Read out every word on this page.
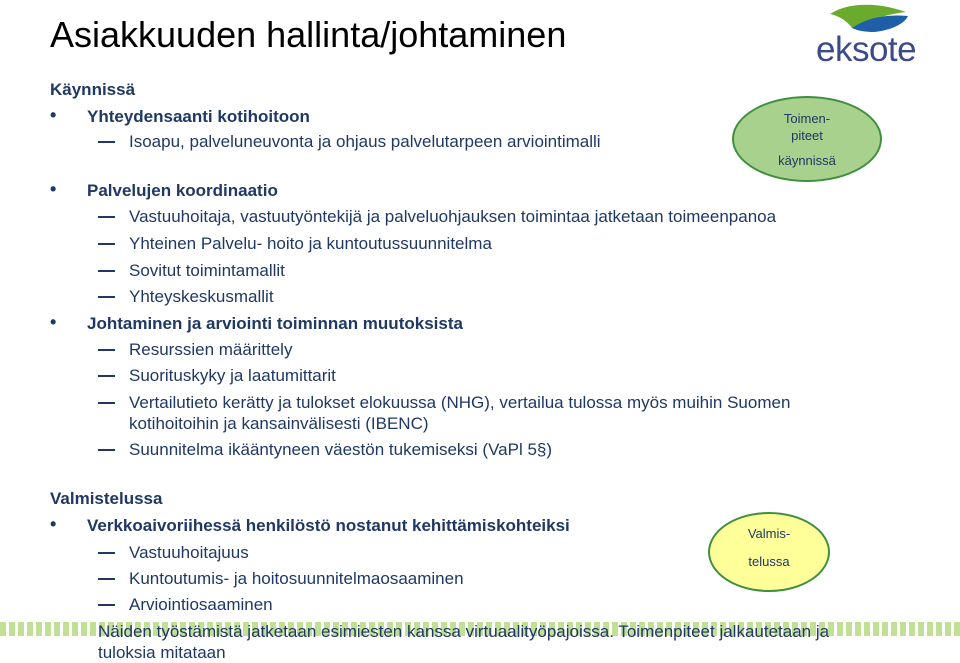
Asiakkuuden hallinta/johtaminen	eksote
Käynnissä
• Yhteydensaanti kotihoitoon
Isoapu, palveluneuvonta ja ohjaus palvelutarpeen arviointimalli
Toimen-
piteet
käynnissä
• Palvelujen koordinaatio
Vastuuhoitaja, vastuutyöntekijä ja palveluohjauksen toimintaa jatketaan toimeenpanoa
Yhteinen Palvelu- hoito ja kuntoutussuunnitelma
Sovitut toimintamallit
Yhteyskeskusmallit
• Johtaminen ja arviointi toiminnan muutoksista
Resurssien määrittely
Suorituskyky ja laatumittarit
Vertailutieto kerätty ja tulokset elokuussa (NHG), vertailua tulossa myös muihin Suomen
kotihoitoihin ja kansainvälisesti (IBENC)
Suunnitelma ikääntyneen väestön tukemiseksi (VaPl 5§)
Valmistelussa
• Verkkoaivoriihessä henkilöstö nostanut kehittämiskohteiksi
Vastuuhoitajuus
Kuntoutumis- ja hoitosuunnitelmaosaaminen
Arviointiosaaminen
Valmis-
telussa
Näiden työstämistä jatketaan esimiesten kanssa virtuaalityöpajoissa. Toimenpiteet jalkautetaan ja tuloksia mitataan
